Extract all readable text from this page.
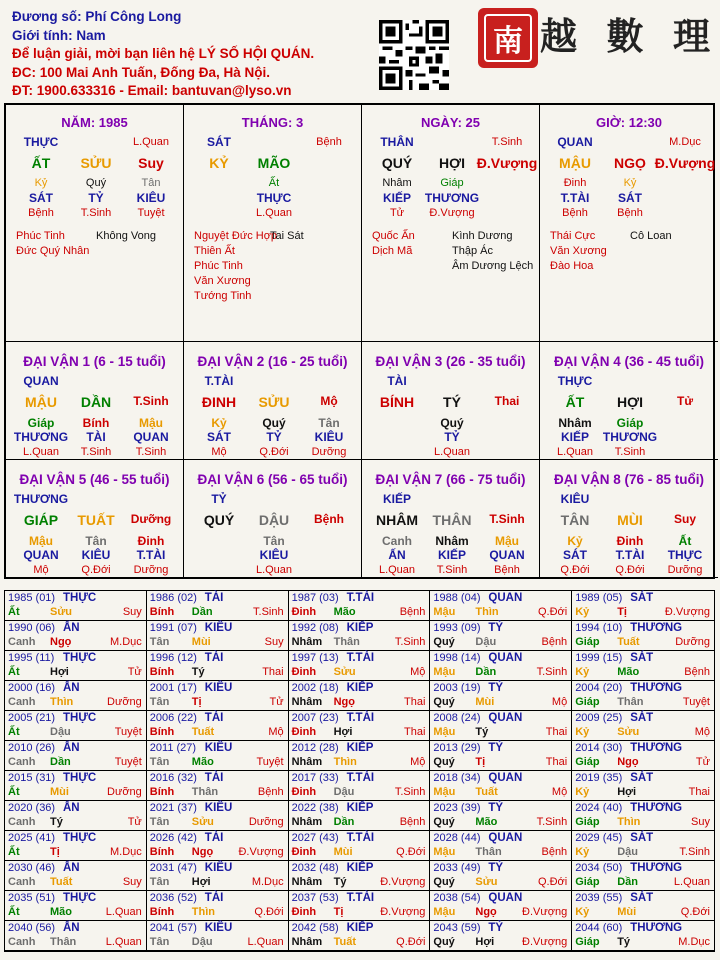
Đương số: Phí Công Long
Giới tính: Nam
Để luận giải, mời bạn liên hệ LÝ SỐ HỘI QUÁN.
ĐC: 100 Mai Anh Tuấn, Đống Đa, Hà Nội.
ĐT: 1900.633316 - Email: bantuvan@lyso.vn
南 越 數 理
NĂM: 1985
THỰC	L.Quan
ẤT	SỬU	Suy
Kỷ	Quý	Tân
SÁT	TỶ	KIÊU
Bệnh	T.Sinh	Tuyệt
Phúc Tinh
Đức Quý Nhân
Không Vong
THÁNG: 3
SÁT	Bệnh
KỶ	MÃO
Ất
THỰC
L.Quan
Nguyệt Đức Hợp
Thiên Ất
Phúc Tinh
Văn Xương
Tướng Tinh
Tai Sát
NGÀY: 25
THÂN	T.Sinh
QUÝ	HỢI Đ.Vượng
Nhâm	Giáp
KIẾP	THƯƠNG
Tử	Đ.Vượng
Quốc Ấn
Dịch Mã
Kình Dương
Thập Ác
Âm Dương Lệch
GIỜ: 12:30
QUAN	M.Dục
MẬU	NGỌ Đ.Vượng
Đinh	Kỷ
T.TÀI	SÁT
Bệnh	Bệnh
Thái Cực
Văn Xương
Đào Hoa
Cô Loan
ĐẠI VẬN 1 (6 - 15 tuổi)
QUAN
MẬU	DẦN	T.Sinh
Giáp	Bính	Mậu
THƯƠNG	TÀI	QUAN
L.Quan	T.Sinh	T.Sinh
ĐẠI VẬN 2 (16 - 25 tuổi)
T.TÀI
ĐINH	SỬU	Mộ
Kỷ	Quý	Tân
SÁT	TỶ	KIÊU
Mộ	Q.Đới	Dưỡng
ĐẠI VẬN 3 (26 - 35 tuổi)
TÀI
BÍNH	TÝ	Thai
Quý
TỶ
L.Quan
ĐẠI VẬN 4 (36 - 45 tuổi)
THỰC
ẤT	HỢI	Tử
Nhâm	Giáp
KIẾP	THƯƠNG
L.Quan	T.Sinh
ĐẠI VẬN 5 (46 - 55 tuổi)
THƯƠNG
GIÁP	TUẤT	Dưỡng
Mậu	Tân	Đinh
QUAN	KIÊU	T.TÀI
Mộ	Q.Đới	Dưỡng
ĐẠI VẬN 6 (56 - 65 tuổi)
TỶ
QUÝ	DẬU	Bệnh
Tân
KIÊU
L.Quan
ĐẠI VẬN 7 (66 - 75 tuổi)
KIẾP
NHÂM	THÂN	T.Sinh
Canh	Nhâm	Mậu
ẤN	KIẾP	QUAN
L.Quan	T.Sinh	Bệnh
ĐẠI VẬN 8 (76 - 85 tuổi)
KIÊU
TÂN	MÙI	Suy
Kỷ	Đinh	Ất
SÁT	T.TÀI	THỰC
Q.Đới	Q.Đới	Dưỡng
1985 (01) THỰC
Ất	Sửu	Suy
1986 (02) TÀI
Bính Dần	T.Sinh
1987 (03) T.TÀI
Đinh Mão	Bệnh
1988 (04) QUAN
Mậu Thìn	Q.Đới
1989 (05) SÁT
Kỷ	Tị	Đ.Vượng
1990 (06) ẤN
Canh Ngọ	M.Dục
1991 (07) KIÊU
Tân Mùi	Suy
1992 (08) KIẾP
Nhâm Thân	T.Sinh
1993 (09) TỶ
Quý Dậu	Bệnh
1994 (10) THƯƠNG
Giáp Tuất	Dưỡng
1995 (11) THỰC
Ất	Hợi	Tử
1996 (12) TÀI
Bính Tý	Thai
1997 (13) T.TÀI
Đinh Sửu	Mộ
1998 (14) QUAN
Mậu Dần	T.Sinh
1999 (15) SÁT
Kỷ	Mão	Bệnh
2000 (16) ẤN
Canh Thìn	Dưỡng
2001 (17) KIÊU
Tân Tị	Tử
2002 (18) KIẾP
Nhâm Ngọ	Thai
2003 (19) TỶ
Quý Mùi	Mộ
2004 (20) THƯƠNG
Giáp Thân	Tuyệt
2005 (21) THỰC
Ất	Dậu	Tuyệt
2006 (22) TÀI
Bính Tuất	Mộ
2007 (23) T.TÀI
Đinh Hợi	Thai
2008 (24) QUAN
Mậu Tý	Thai
2009 (25) SÁT
Kỷ	Sửu	Mộ
2010 (26) ẤN
Canh Dần	Tuyệt
2011 (27) KIÊU
Tân Mão	Tuyệt
2012 (28) KIẾP
Nhâm Thìn	Mộ
2013 (29) TỶ
Quý Tị	Thai
2014 (30) THƯƠNG
Giáp Ngọ	Tử
2015 (31) THỰC
Ất	Mùi	Dưỡng
2016 (32) TÀI
Bính Thân	Bệnh
2017 (33) T.TÀI
Đinh Dậu	T.Sinh
2018 (34) QUAN
Mậu Tuất	Mộ
2019 (35) SÁT
Kỷ	Hợi	Thai
2020 (36) ẤN
Canh Tý	Tử
2021 (37) KIÊU
Tân Sửu	Dưỡng
2022 (38) KIẾP
Nhâm Dần	Bệnh
2023 (39) TỶ
Quý Mão	T.Sinh
2024 (40) THƯƠNG
Giáp Thìn	Suy
2025 (41) THỰC
Ất	Tị	M.Dục
2026 (42) TÀI
Bính Ngọ Đ.Vượng
2027 (43) T.TÀI
Đinh Mùi	Q.Đới
2028 (44) QUAN
Mậu Thân	Bệnh
2029 (45) SÁT
Kỷ	Dậu	T.Sinh
2030 (46) ẤN
Canh Tuất	Suy
2031 (47) KIÊU
Tân Hợi	M.Dục
2032 (48) KIẾP
Nhâm Tý	Đ.Vượng
2033 (49) TỶ
Quý Sửu	Q.Đới
2034 (50) THƯƠNG
Giáp Dần	L.Quan
2035 (51) THỰC
Ất	Mão	L.Quan
2036 (52) TÀI
Bính Thìn	Q.Đới
2037 (53) T.TÀI
Đinh Tị	Đ.Vượng
2038 (54) QUAN
Mậu Ngọ Đ.Vượng
2039 (55) SÁT
Kỷ	Mùi	Q.Đới
2040 (56) ẤN
Canh Thân	L.Quan
2041 (57) KIÊU
Tân Dậu	L.Quan
2042 (58) KIẾP
Nhâm Tuất	Q.Đới
2043 (59) TỶ
Quý Hợi	Đ.Vượng
2044 (60) THƯƠNG
Giáp Tý	M.Dục
